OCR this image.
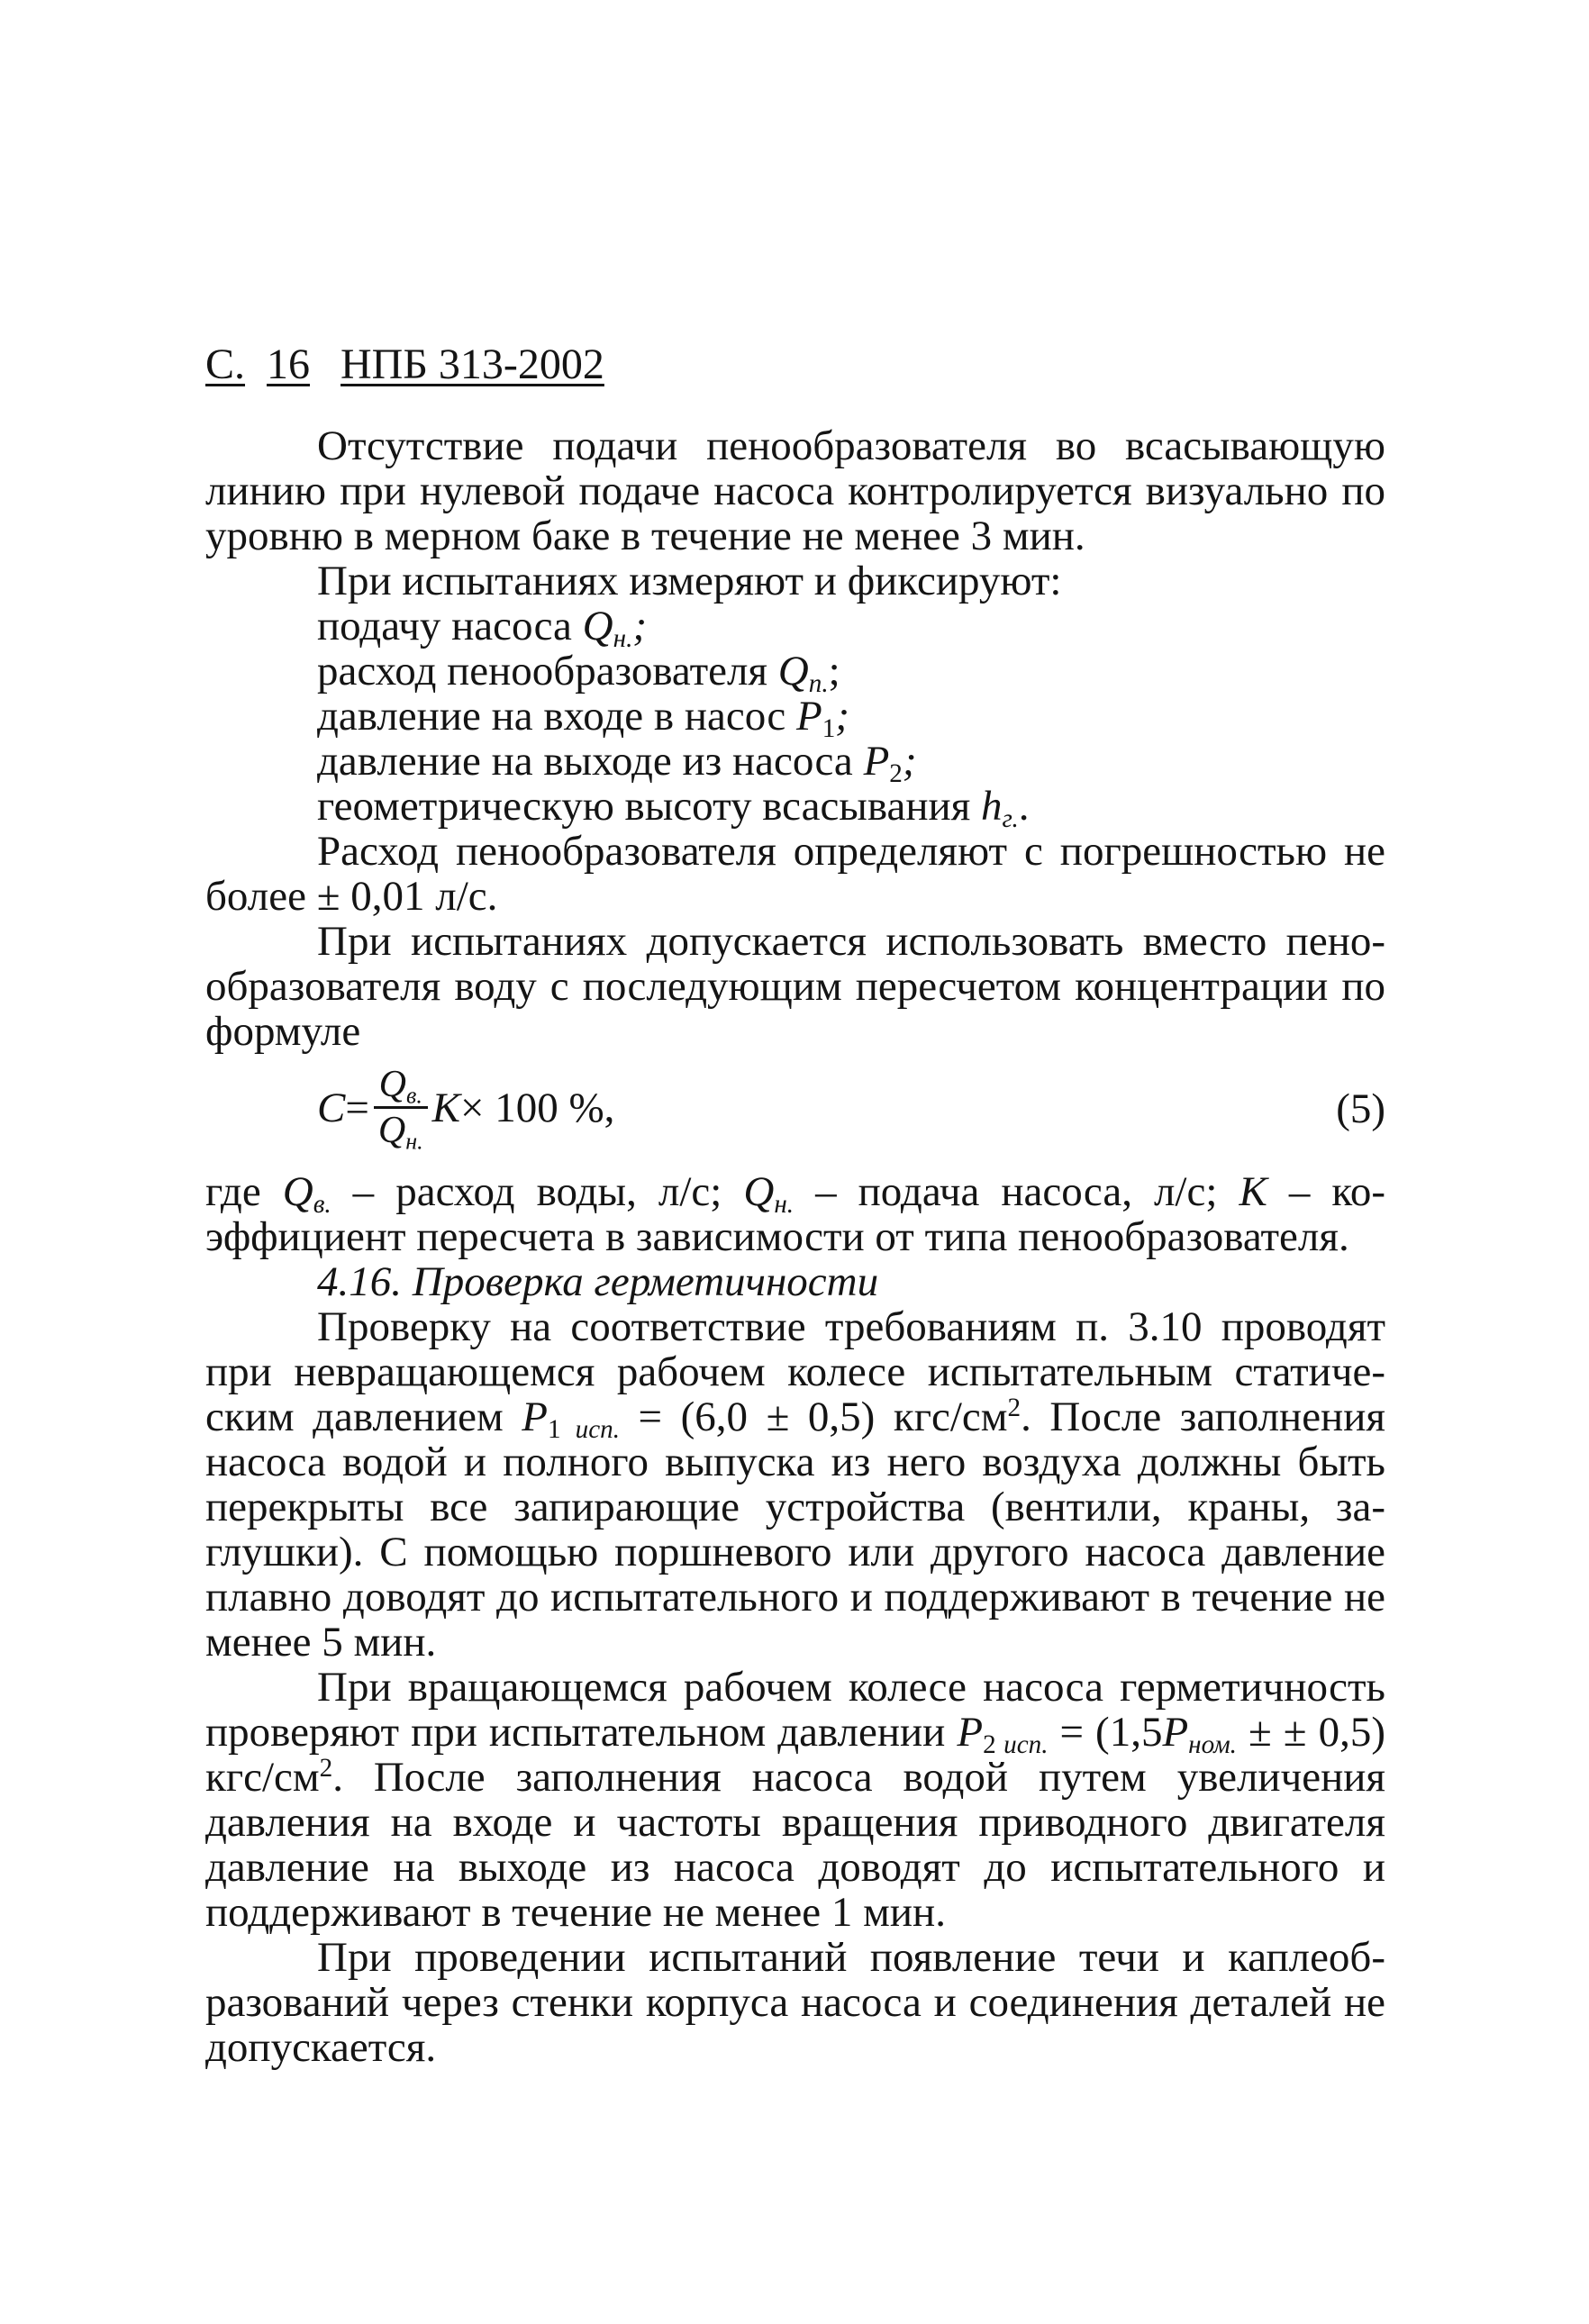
С. 16 НПБ 313-2002

Отсутствие подачи пенообразователя во всасывающую линию при нулевой подаче насоса контролируется визуально по уровню в мерном баке в течение не менее 3 мин.

При испытаниях измеряют и фиксируют:

подачу насоса $Q_{н.}$;
расход пенообразователя $Q_{п.}$;
давление на входе в насос $P_1$;
давление на выходе из насоса $P_2$;
геометрическую высоту всасывания $h_{г.}$.

Расход пенообразователя определяют с погрешностью не более ± 0,01 л/с.

При испытаниях допускается использовать вместо пенообразователя воду с последующим пересчетом концентрации по формуле

$C = \frac{Q_{в.}}{Q_{н.}}$ K × 100 %,	(5)

где $Q_{в.}$ – расход воды, л/с; $Q_{н.}$ – подача насоса, л/с; K – коэффициент пересчета в зависимости от типа пенообразователя.

4.16. Проверка герметичности

Проверку на соответствие требованиям п. 3.10 проводят при невращающемся рабочем колесе испытательным статическим давлением $P_1$ $_{исп.}$ = (6,0 ± 0,5) кгс/$см^2$. После заполнения насоса водой и полного выпуска из него воздуха должны быть перекрыты все запирающие устройства (вентили, краны, заглушки). С помощью поршневого или другого насоса давление плавно доводят до испытательного и поддерживают в течение не менее 5 мин.

При вращающемся рабочем колесе насоса герметичность проверяют при испытательном давлении $P_2$ $_{исп.} = (1,5P_{ном.}$ ± ± 0,5) кгс/$см^2$. После заполнения насоса водой путем увеличения давления на входе и частоты вращения приводного двигателя давление на выходе из насоса доводят до испытательного и поддерживают в течение не менее 1 мин.

При проведении испытаний появление течи и каплеобразований через стенки корпуса насоса и соединения деталей не допускается.
